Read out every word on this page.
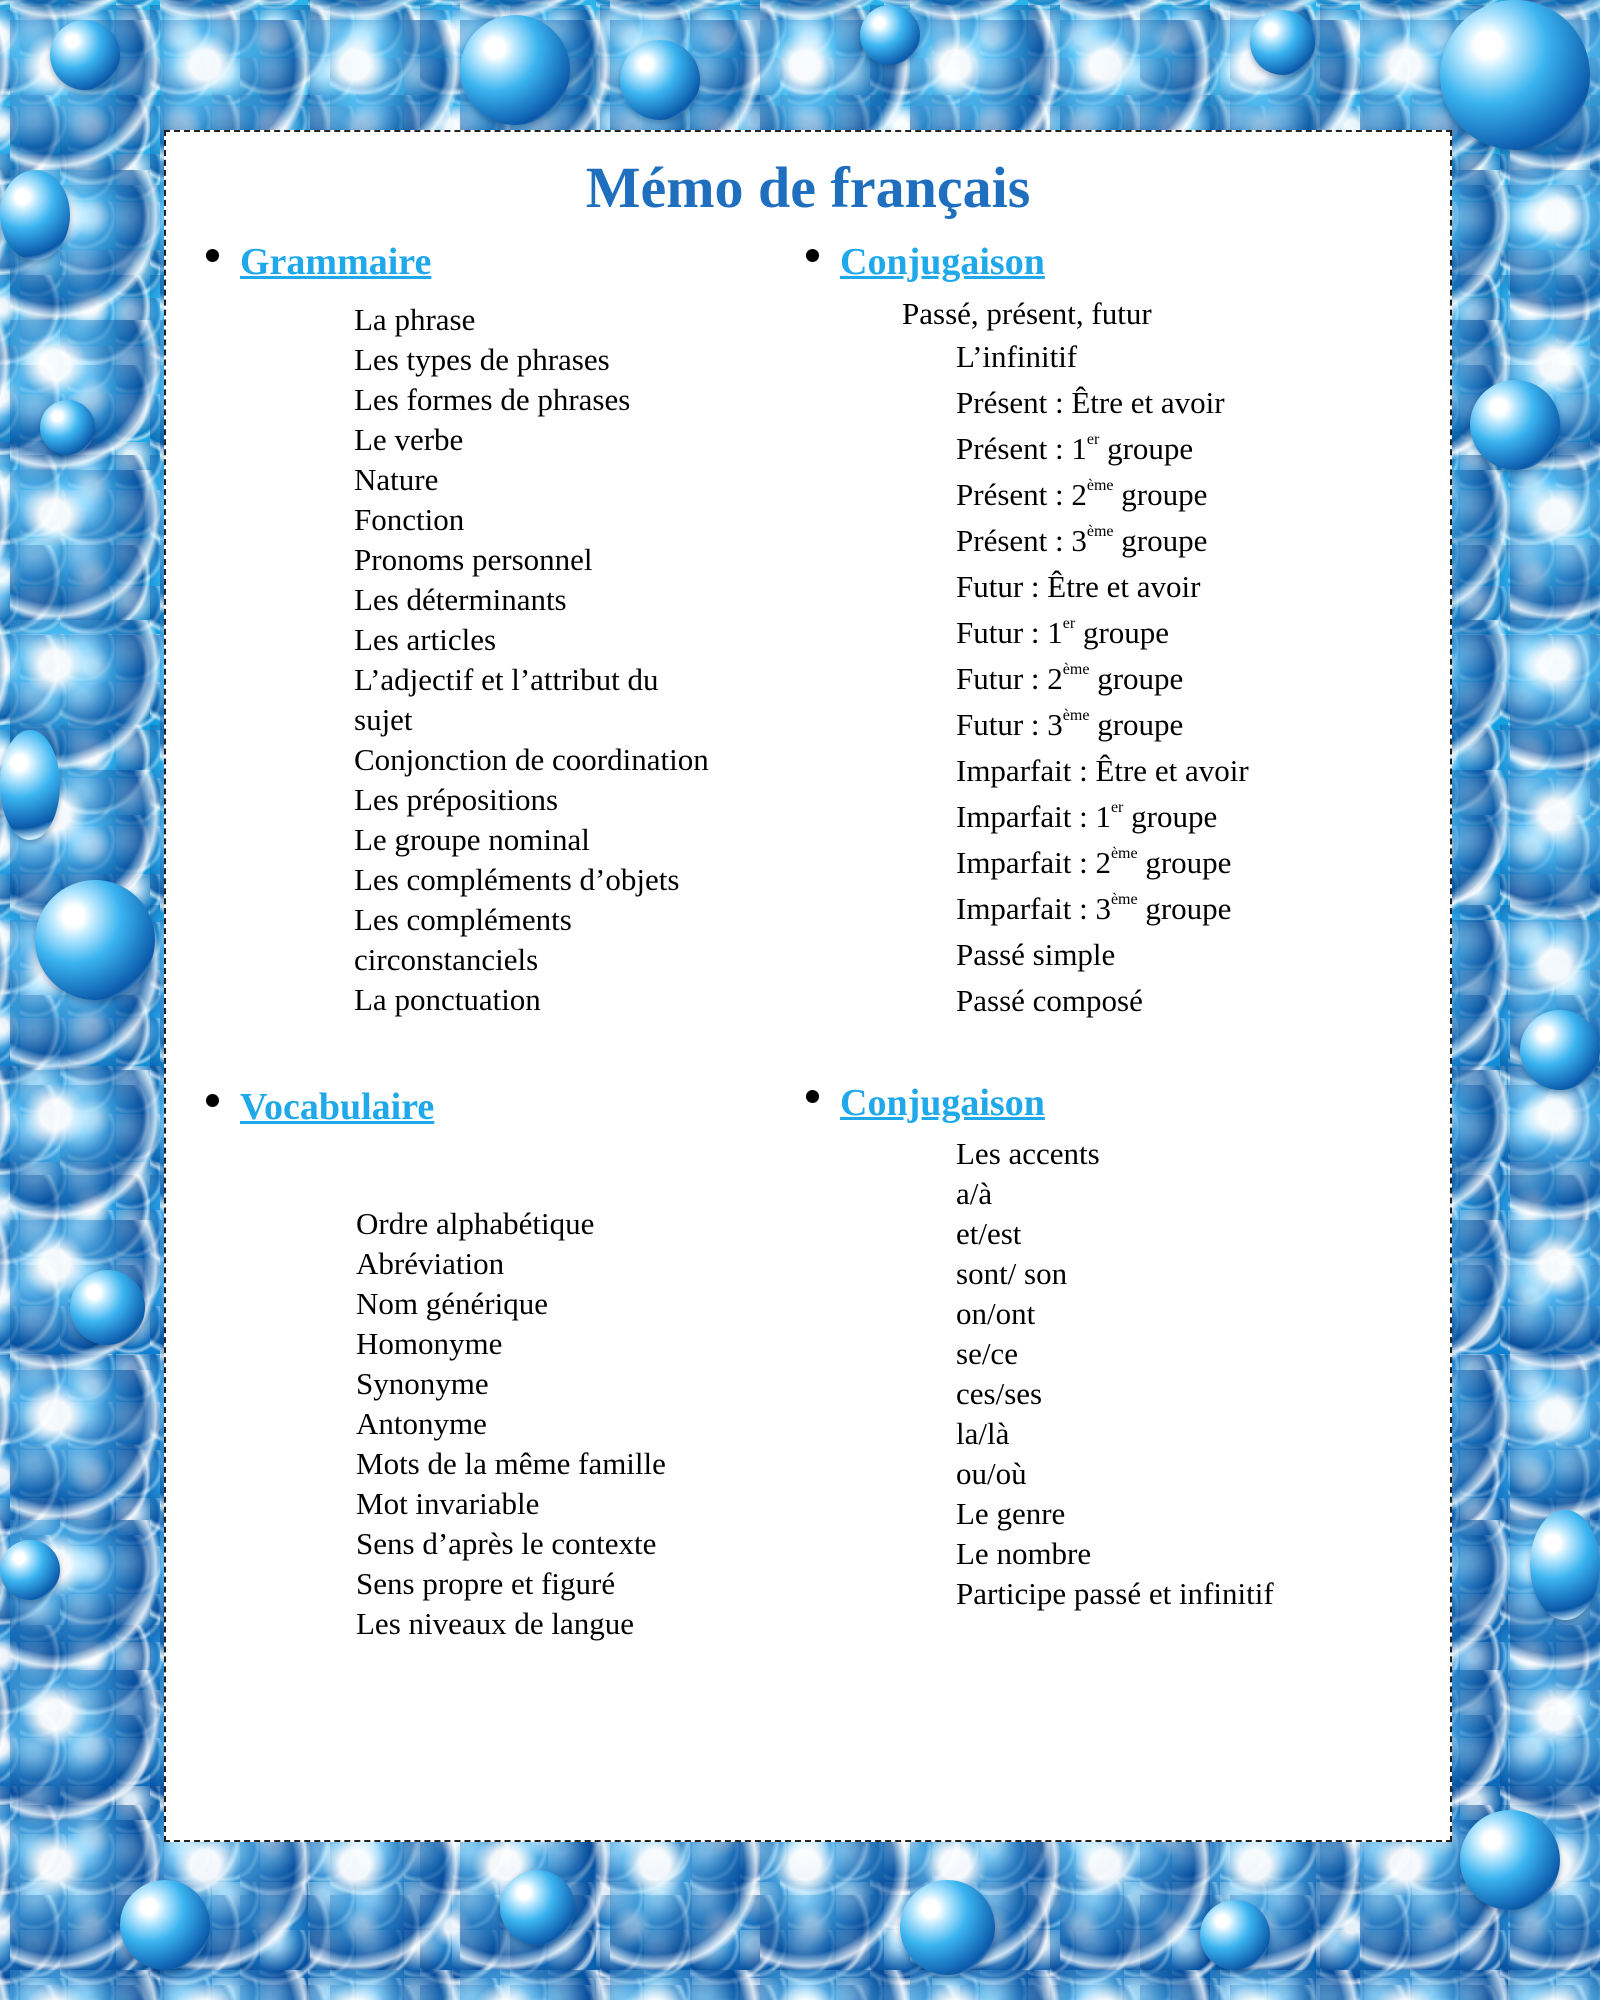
Mémo de français
Grammaire
La phrase
Les types de phrases
Les formes de phrases
Le verbe
Nature
Fonction
Pronoms personnel
Les déterminants
Les articles
L’adjectif et l’attribut du sujet
Conjonction de coordination
Les prépositions
Le groupe nominal
Les compléments d’objets
Les compléments circonstanciels
La ponctuation
Conjugaison
Passé, présent, futur
L’infinitif
Présent : Être et avoir
Présent : 1er groupe
Présent : 2ème groupe
Présent : 3ème groupe
Futur : Être et avoir
Futur : 1er groupe
Futur : 2ème groupe
Futur : 3ème groupe
Imparfait : Être et avoir
Imparfait : 1er groupe
Imparfait : 2ème groupe
Imparfait : 3ème groupe
Passé simple
Passé composé
Vocabulaire
Ordre alphabétique
Abréviation
Nom générique
Homonyme
Synonyme
Antonyme
Mots de la même famille
Mot invariable
Sens d’après le contexte
Sens propre et figuré
Les niveaux de langue
Conjugaison
Les accents
a/à
et/est
sont/ son
on/ont
se/ce
ces/ses
la/là
ou/où
Le genre
Le nombre
Participe passé et infinitif
